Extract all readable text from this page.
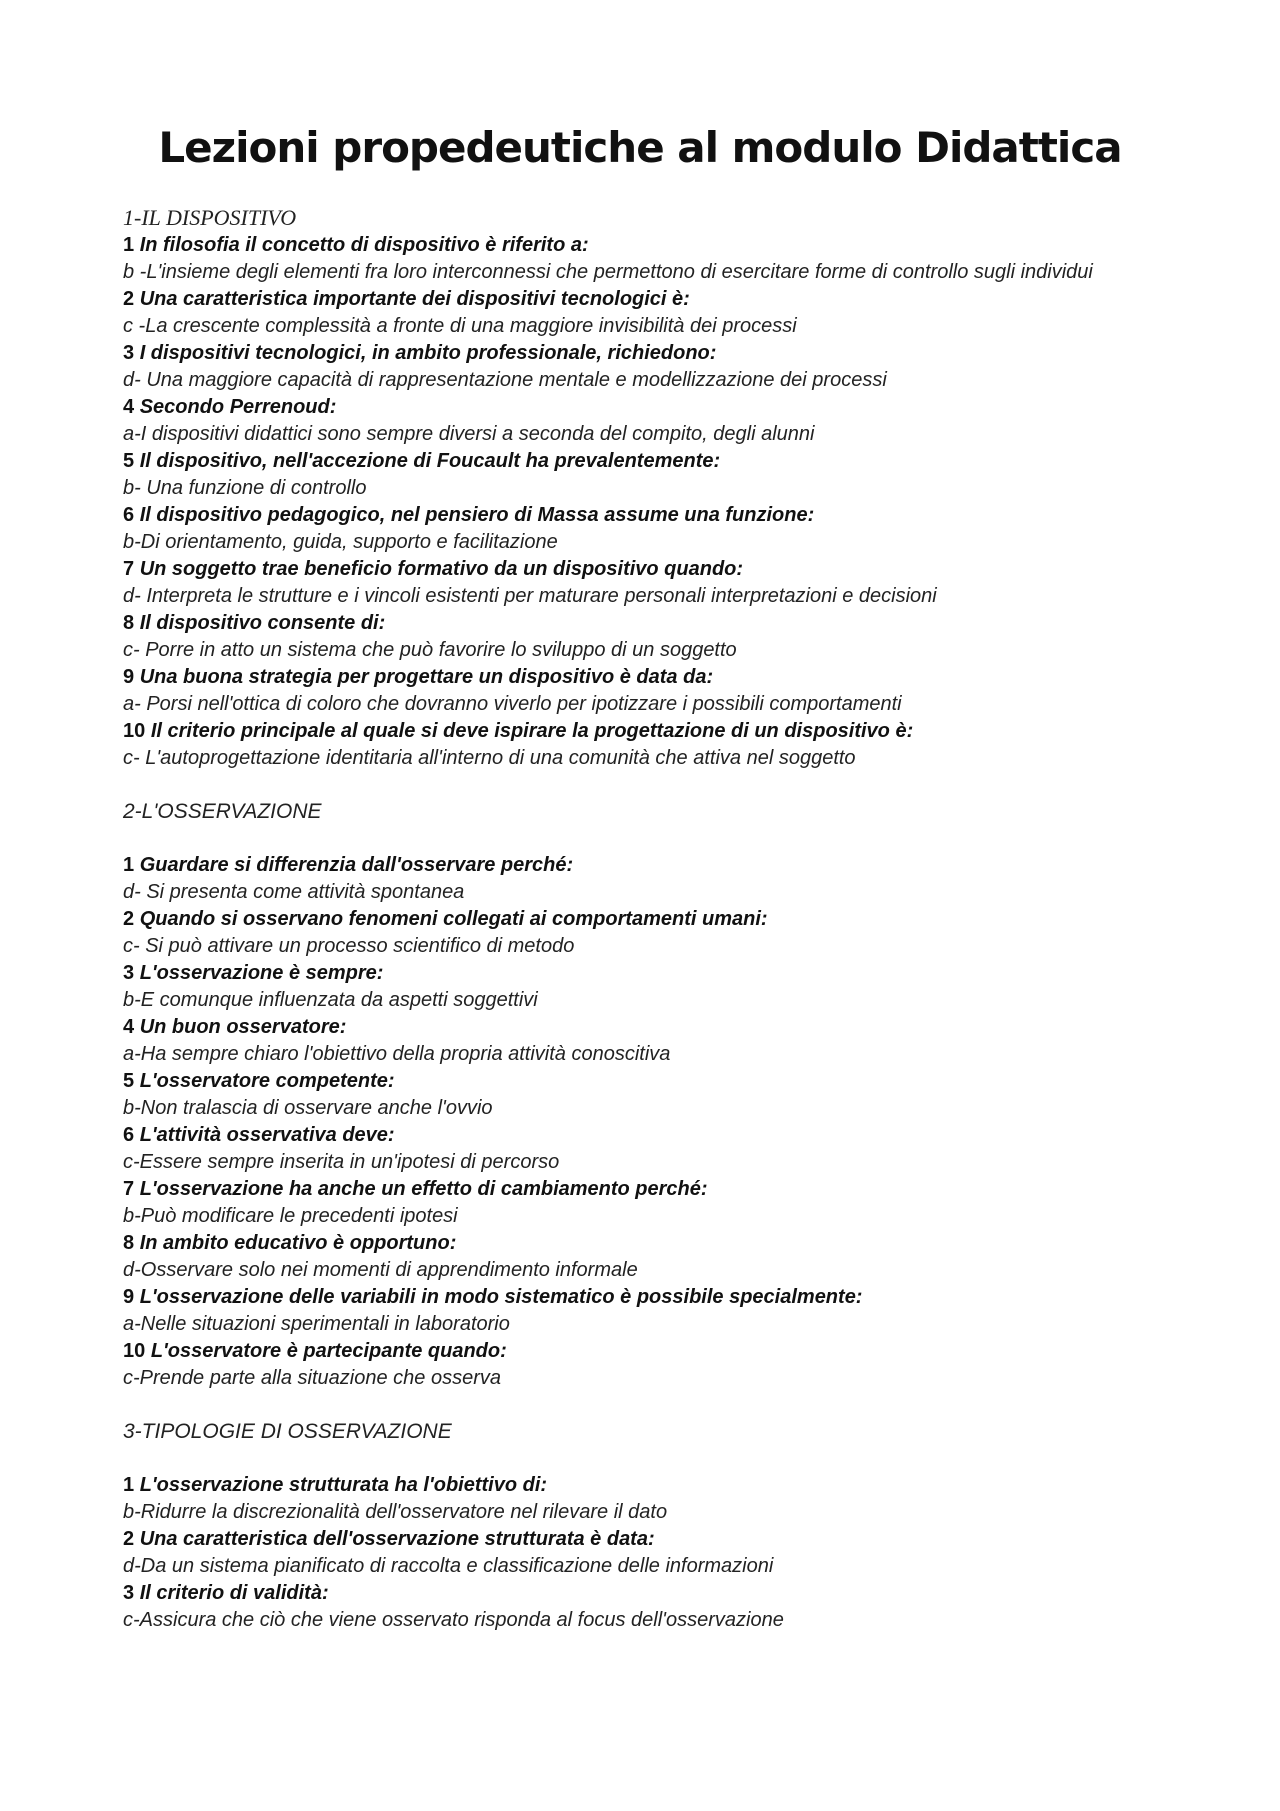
Lezioni propedeutiche al modulo Didattica

1-IL DISPOSITIVO

1 In filosofia il concetto di dispositivo è riferito a:

b -L'insieme degli elementi fra loro interconnessi che permettono di esercitare forme di controllo sugli individui

2 Una caratteristica importante dei dispositivi tecnologici è:

c -La crescente complessità a fronte di una maggiore invisibilità dei processi

3 I dispositivi tecnologici, in ambito professionale, richiedono:

d- Una maggiore capacità di rappresentazione mentale e modellizzazione dei processi

4 Secondo Perrenoud:

a-I dispositivi didattici sono sempre diversi a seconda del compito, degli alunni

5 Il dispositivo, nell'accezione di Foucault ha prevalentemente:

b- Una funzione di controllo

6 Il dispositivo pedagogico, nel pensiero di Massa assume una funzione:

b-Di orientamento, guida, supporto e facilitazione

7 Un soggetto trae beneficio formativo da un dispositivo quando:

d- Interpreta le strutture e i vincoli esistenti per maturare personali interpretazioni e decisioni

8 Il dispositivo consente di:

c- Porre in atto un sistema che può favorire lo sviluppo di un soggetto

9 Una buona strategia per progettare un dispositivo è data da:

a- Porsi nell'ottica di coloro che dovranno viverlo per ipotizzare i possibili comportamenti

10 Il criterio principale al quale si deve ispirare la progettazione di un dispositivo è:

c- L'autoprogettazione identitaria all'interno di una comunità che attiva nel soggetto

2-L'OSSERVAZIONE

1 Guardare si differenzia dall'osservare perché:

d- Si presenta come attività spontanea

2 Quando si osservano fenomeni collegati ai comportamenti umani:

c- Si può attivare un processo scientifico di metodo

3 L'osservazione è sempre:

b-E comunque influenzata da aspetti soggettivi

4 Un buon osservatore:

a-Ha sempre chiaro l'obiettivo della propria attività conoscitiva

5 L'osservatore competente:

b-Non tralascia di osservare anche l'ovvio

6 L'attività osservativa deve:

c-Essere sempre inserita in un'ipotesi di percorso

7 L'osservazione ha anche un effetto di cambiamento perché:

b-Può modificare le precedenti ipotesi

8 In ambito educativo è opportuno:

d-Osservare solo nei momenti di apprendimento informale

9 L'osservazione delle variabili in modo sistematico è possibile specialmente:

a-Nelle situazioni sperimentali in laboratorio

10 L'osservatore è partecipante quando:

c-Prende parte alla situazione che osserva

3-TIPOLOGIE DI OSSERVAZIONE

1 L'osservazione strutturata ha l'obiettivo di:

b-Ridurre la discrezionalità dell'osservatore nel rilevare il dato

2 Una caratteristica dell'osservazione strutturata è data:

d-Da un sistema pianificato di raccolta e classificazione delle informazioni

3 Il criterio di validità:

c-Assicura che ciò che viene osservato risponda al focus dell'osservazione
